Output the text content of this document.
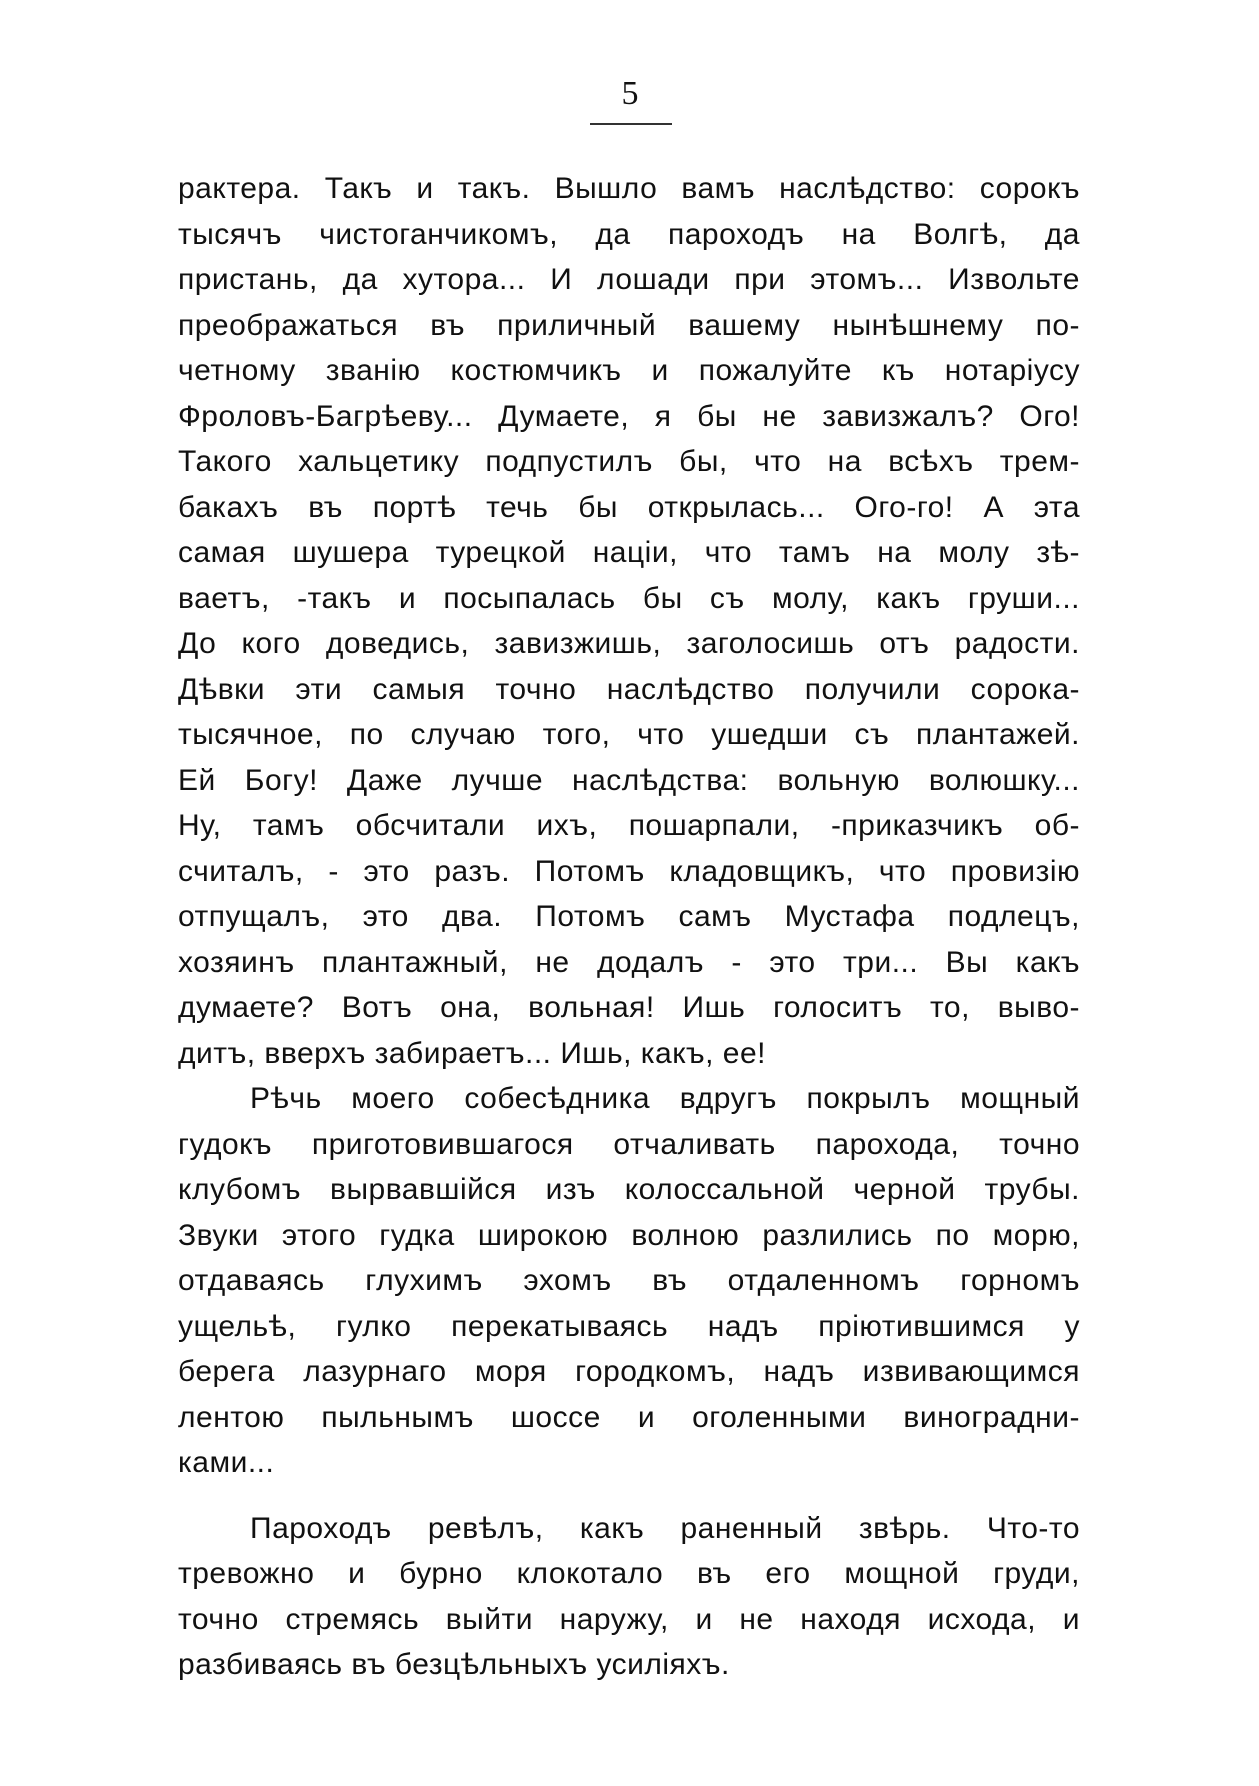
5
рактера. Такъ и такъ. Вышло вамъ наслѣдство: сорокъ
тысячъ чистоганчикомъ, да пароходъ на Волгѣ, да
пристань, да хутора... И лошади при этомъ... Извольте
преображаться въ приличный вашему нынѣшнему по-
четному званію костюмчикъ и пожалуйте къ нотаріусу
Фроловъ-Багрѣеву... Думаете, я бы не завизжалъ? Ого!
Такого хальцетику подпустилъ бы, что на всѣхъ трем-
бакахъ въ портѣ течь бы открылась... Ого-го! А эта
самая шушера турецкой націи, что тамъ на молу зѣ-
ваетъ, -такъ и посыпалась бы съ молу, какъ груши...
До кого доведись, завизжишь, заголосишь отъ радости.
Дѣвки эти самыя точно наслѣдство получили сорока-
тысячное, по случаю того, что ушедши съ плантажей.
Ей Богу! Даже лучше наслѣдства: вольную волюшку...
Ну, тамъ обсчитали ихъ, пошарпали, -приказчикъ об-
считалъ, - это разъ. Потомъ кладовщикъ, что провизію
отпущалъ, это два. Потомъ самъ Мустафа подлецъ,
хозяинъ плантажный, не додалъ - это три... Вы какъ
думаете? Вотъ она, вольная! Ишь голоситъ то, выво-
дитъ, вверхъ забираетъ... Ишь, какъ, ее!
Рѣчь моего собесѣдника вдругъ покрылъ мощный
гудокъ приготовившагося отчаливать парохода, точно
клубомъ вырвавшійся изъ колоссальной черной трубы.
Звуки этого гудка широкою волною разлились по морю,
отдаваясь глухимъ эхомъ въ отдаленномъ горномъ
ущельѣ, гулко перекатываясь надъ пріютившимся у
берега лазурнаго моря городкомъ, надъ извивающимся
лентою пыльнымъ шоссе и оголенными виноградни-
ками...
Пароходъ ревѣлъ, какъ раненный звѣрь. Что-то
тревожно и бурно клокотало въ его мощной груди,
точно стремясь выйти наружу, и не находя исхода, и
разбиваясь въ безцѣльныхъ усиліяхъ.
